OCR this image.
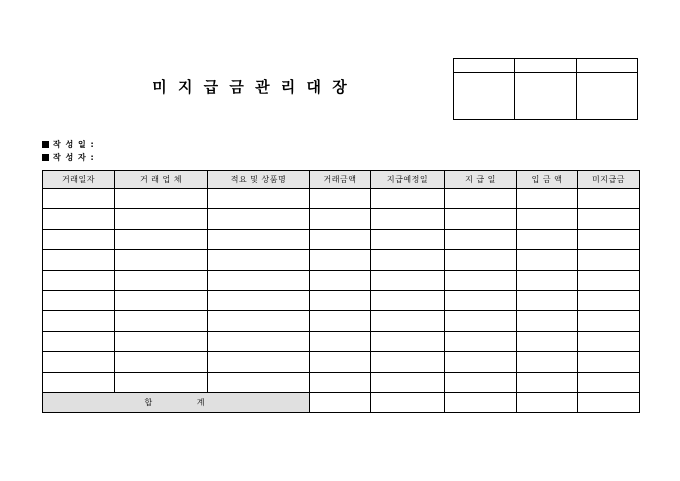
미 지 급 금 관 리 대 장

작 성 일 :
작 성 자 :
거래일자	거 래 업 체	적요 및 상품명	거래금액	지급예정일	지 급 일	입 금 액	미지급금

합 계							
